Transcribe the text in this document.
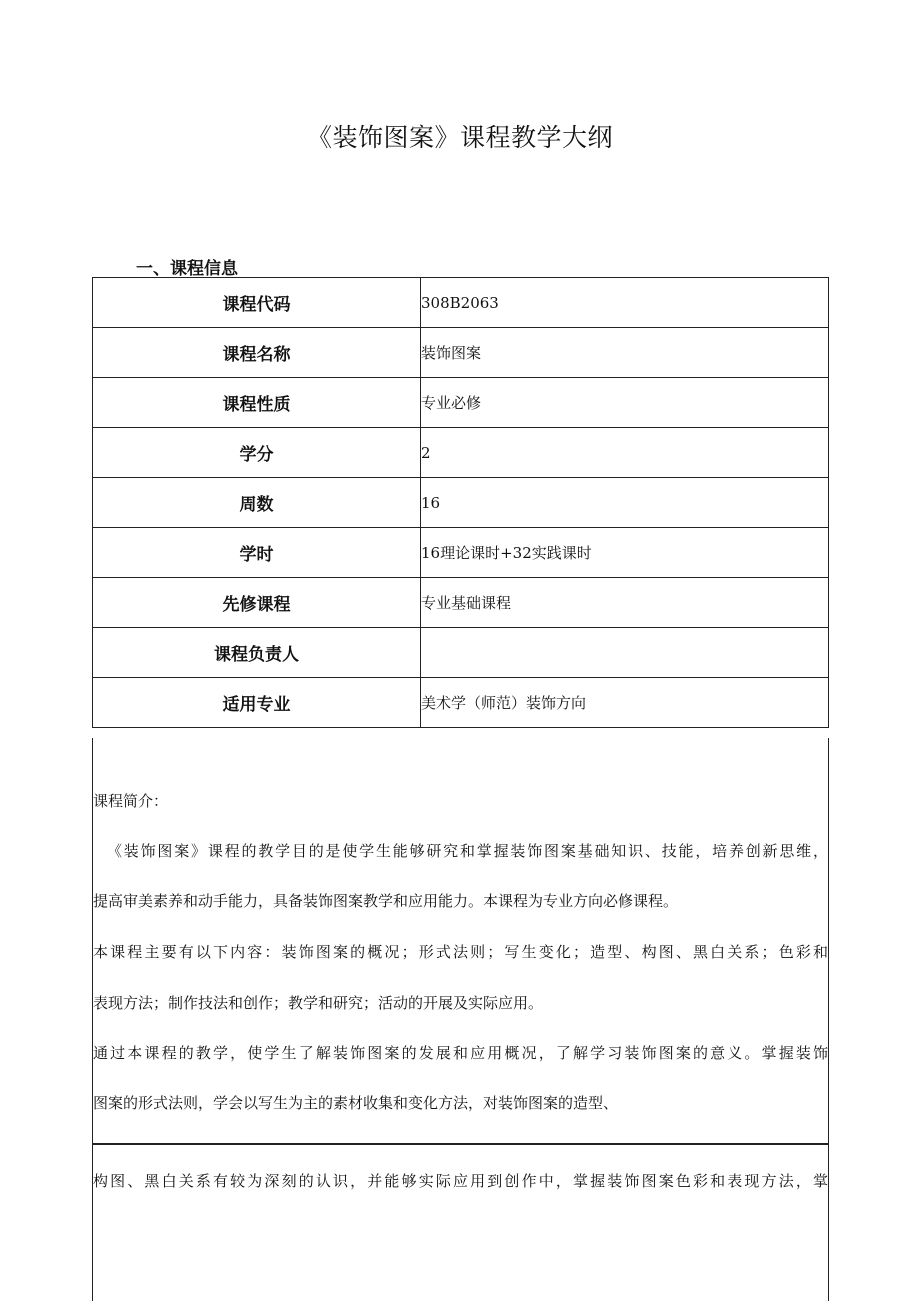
《装饰图案》课程教学大纲
一、课程信息
课程代码	308B2063
课程名称	装饰图案
课程性质	专业必修
学分	2
周数	16
学时	16理论课时+32实践课时
先修课程	专业基础课程
课程负责人	
适用专业	美术学（师范）装饰方向
课程简介：
《装饰图案》课程的教学目的是使学生能够研究和掌握装饰图案基础知识、技能，培养创新思维，
提高审美素养和动手能力，具备装饰图案教学和应用能力。本课程为专业方向必修课程。
本课程主要有以下内容：装饰图案的概况；形式法则；写生变化；造型、构图、黑白关系；色彩和
表现方法；制作技法和创作；教学和研究；活动的开展及实际应用。
通过本课程的教学，使学生了解装饰图案的发展和应用概况，了解学习装饰图案的意义。掌握装饰
图案的形式法则，学会以写生为主的素材收集和变化方法，对装饰图案的造型、
构图、黑白关系有较为深刻的认识，并能够实际应用到创作中，掌握装饰图案色彩和表现方法，掌
